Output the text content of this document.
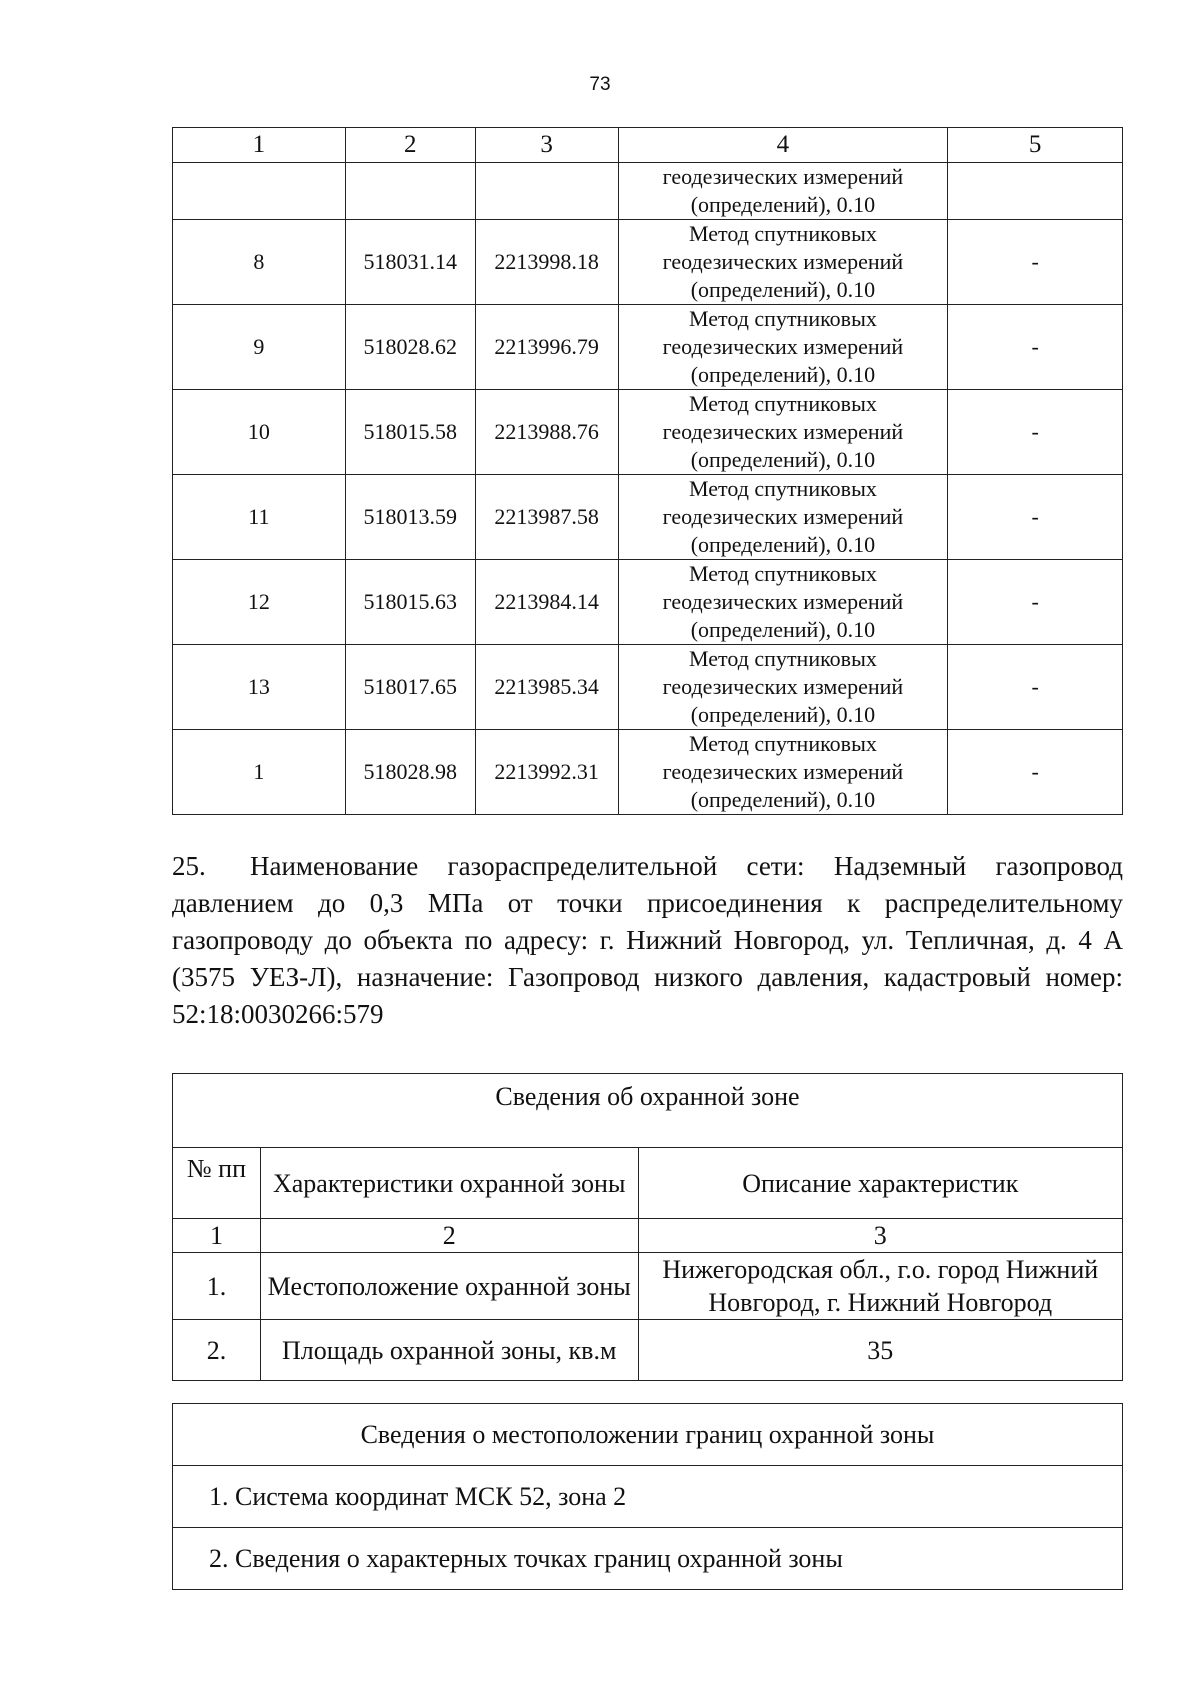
73
1	2	3	4	5

			геодезических измерений
(определений), 0.10	

8	518031.14	2213998.18	Метод спутниковых
геодезических измерений
(определений), 0.10	-
9	518028.62	2213996.79	Метод спутниковых
геодезических измерений
(определений), 0.10	-
10	518015.58	2213988.76	Метод спутниковых
геодезических измерений
(определений), 0.10	-
11	518013.59	2213987.58	Метод спутниковых
геодезических измерений
(определений), 0.10	-
12	518015.63	2213984.14	Метод спутниковых
геодезических измерений
(определений), 0.10	-
13	518017.65	2213985.34	Метод спутниковых
геодезических измерений
(определений), 0.10	-
1	518028.98	2213992.31	Метод спутниковых
геодезических измерений
(определений), 0.10	-

25. Наименование газораспределительной сети: Надземный газопровод давлением до 0,3 МПа от точки присоединения к распределительному газопроводу до объекта по адресу: г. Нижний Новгород, ул. Тепличная, д. 4 А (3575 УЕЗ-Л), назначение: Газопровод низкого давления, кадастровый номер: 52:18:0030266:579

Сведения об охранной зоне		
№ пп	Характеристики охранной зоны	Описание характеристик
1	2	3
1.	Местоположение охранной зоны	Нижегородская обл., г.о. город Нижний Новгород, г. Нижний Новгород
2.	Площадь охранной зоны, кв.м	35
Сведения о местоположении границ охранной зоны
1. Система координат МСК 52, зона 2
2. Сведения о характерных точках границ охранной зоны
